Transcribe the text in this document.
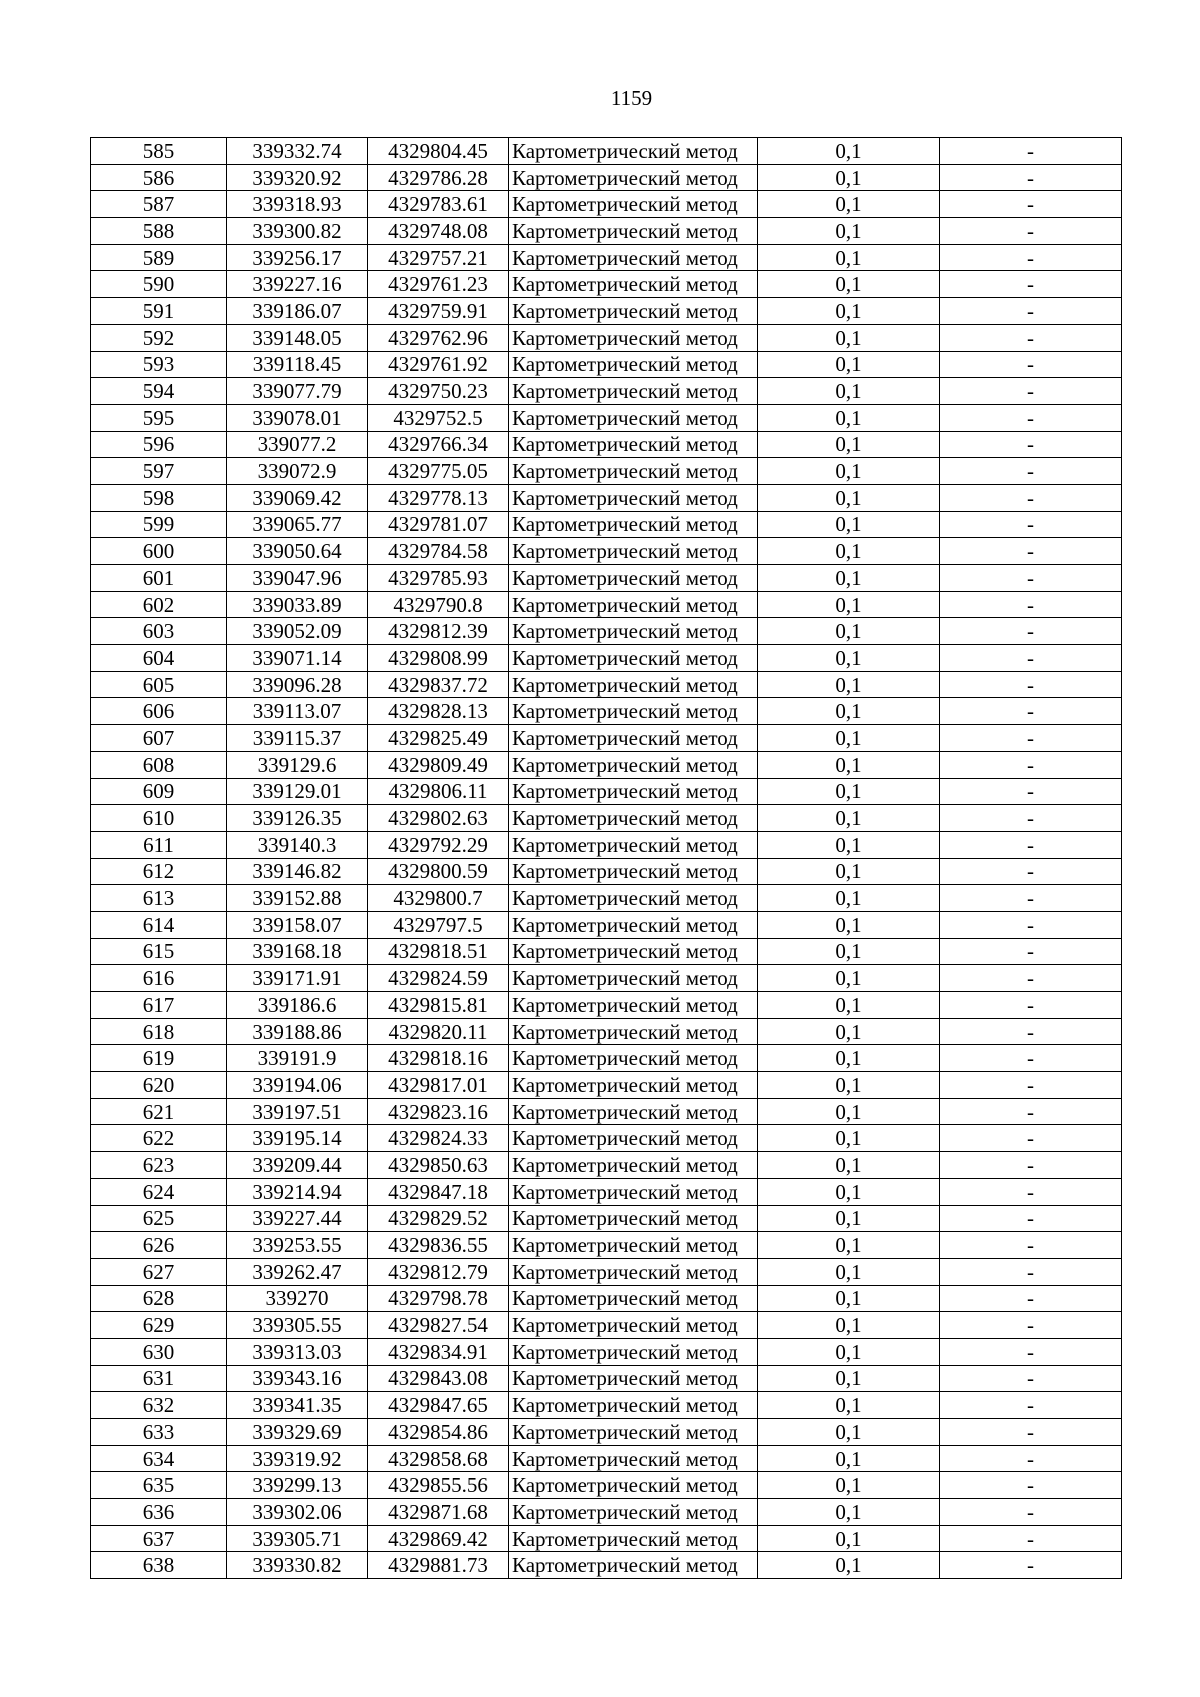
1159
585	339332.74	4329804.45	Картометрический метод	0,1	-
586	339320.92	4329786.28	Картометрический метод	0,1	-
587	339318.93	4329783.61	Картометрический метод	0,1	-
588	339300.82	4329748.08	Картометрический метод	0,1	-
589	339256.17	4329757.21	Картометрический метод	0,1	-
590	339227.16	4329761.23	Картометрический метод	0,1	-
591	339186.07	4329759.91	Картометрический метод	0,1	-
592	339148.05	4329762.96	Картометрический метод	0,1	-
593	339118.45	4329761.92	Картометрический метод	0,1	-
594	339077.79	4329750.23	Картометрический метод	0,1	-
595	339078.01	4329752.5	Картометрический метод	0,1	-
596	339077.2	4329766.34	Картометрический метод	0,1	-
597	339072.9	4329775.05	Картометрический метод	0,1	-
598	339069.42	4329778.13	Картометрический метод	0,1	-
599	339065.77	4329781.07	Картометрический метод	0,1	-
600	339050.64	4329784.58	Картометрический метод	0,1	-
601	339047.96	4329785.93	Картометрический метод	0,1	-
602	339033.89	4329790.8	Картометрический метод	0,1	-
603	339052.09	4329812.39	Картометрический метод	0,1	-
604	339071.14	4329808.99	Картометрический метод	0,1	-
605	339096.28	4329837.72	Картометрический метод	0,1	-
606	339113.07	4329828.13	Картометрический метод	0,1	-
607	339115.37	4329825.49	Картометрический метод	0,1	-
608	339129.6	4329809.49	Картометрический метод	0,1	-
609	339129.01	4329806.11	Картометрический метод	0,1	-
610	339126.35	4329802.63	Картометрический метод	0,1	-
611	339140.3	4329792.29	Картометрический метод	0,1	-
612	339146.82	4329800.59	Картометрический метод	0,1	-
613	339152.88	4329800.7	Картометрический метод	0,1	-
614	339158.07	4329797.5	Картометрический метод	0,1	-
615	339168.18	4329818.51	Картометрический метод	0,1	-
616	339171.91	4329824.59	Картометрический метод	0,1	-
617	339186.6	4329815.81	Картометрический метод	0,1	-
618	339188.86	4329820.11	Картометрический метод	0,1	-
619	339191.9	4329818.16	Картометрический метод	0,1	-
620	339194.06	4329817.01	Картометрический метод	0,1	-
621	339197.51	4329823.16	Картометрический метод	0,1	-
622	339195.14	4329824.33	Картометрический метод	0,1	-
623	339209.44	4329850.63	Картометрический метод	0,1	-
624	339214.94	4329847.18	Картометрический метод	0,1	-
625	339227.44	4329829.52	Картометрический метод	0,1	-
626	339253.55	4329836.55	Картометрический метод	0,1	-
627	339262.47	4329812.79	Картометрический метод	0,1	-
628	339270	4329798.78	Картометрический метод	0,1	-
629	339305.55	4329827.54	Картометрический метод	0,1	-
630	339313.03	4329834.91	Картометрический метод	0,1	-
631	339343.16	4329843.08	Картометрический метод	0,1	-
632	339341.35	4329847.65	Картометрический метод	0,1	-
633	339329.69	4329854.86	Картометрический метод	0,1	-
634	339319.92	4329858.68	Картометрический метод	0,1	-
635	339299.13	4329855.56	Картометрический метод	0,1	-
636	339302.06	4329871.68	Картометрический метод	0,1	-
637	339305.71	4329869.42	Картометрический метод	0,1	-
638	339330.82	4329881.73	Картометрический метод	0,1	-
